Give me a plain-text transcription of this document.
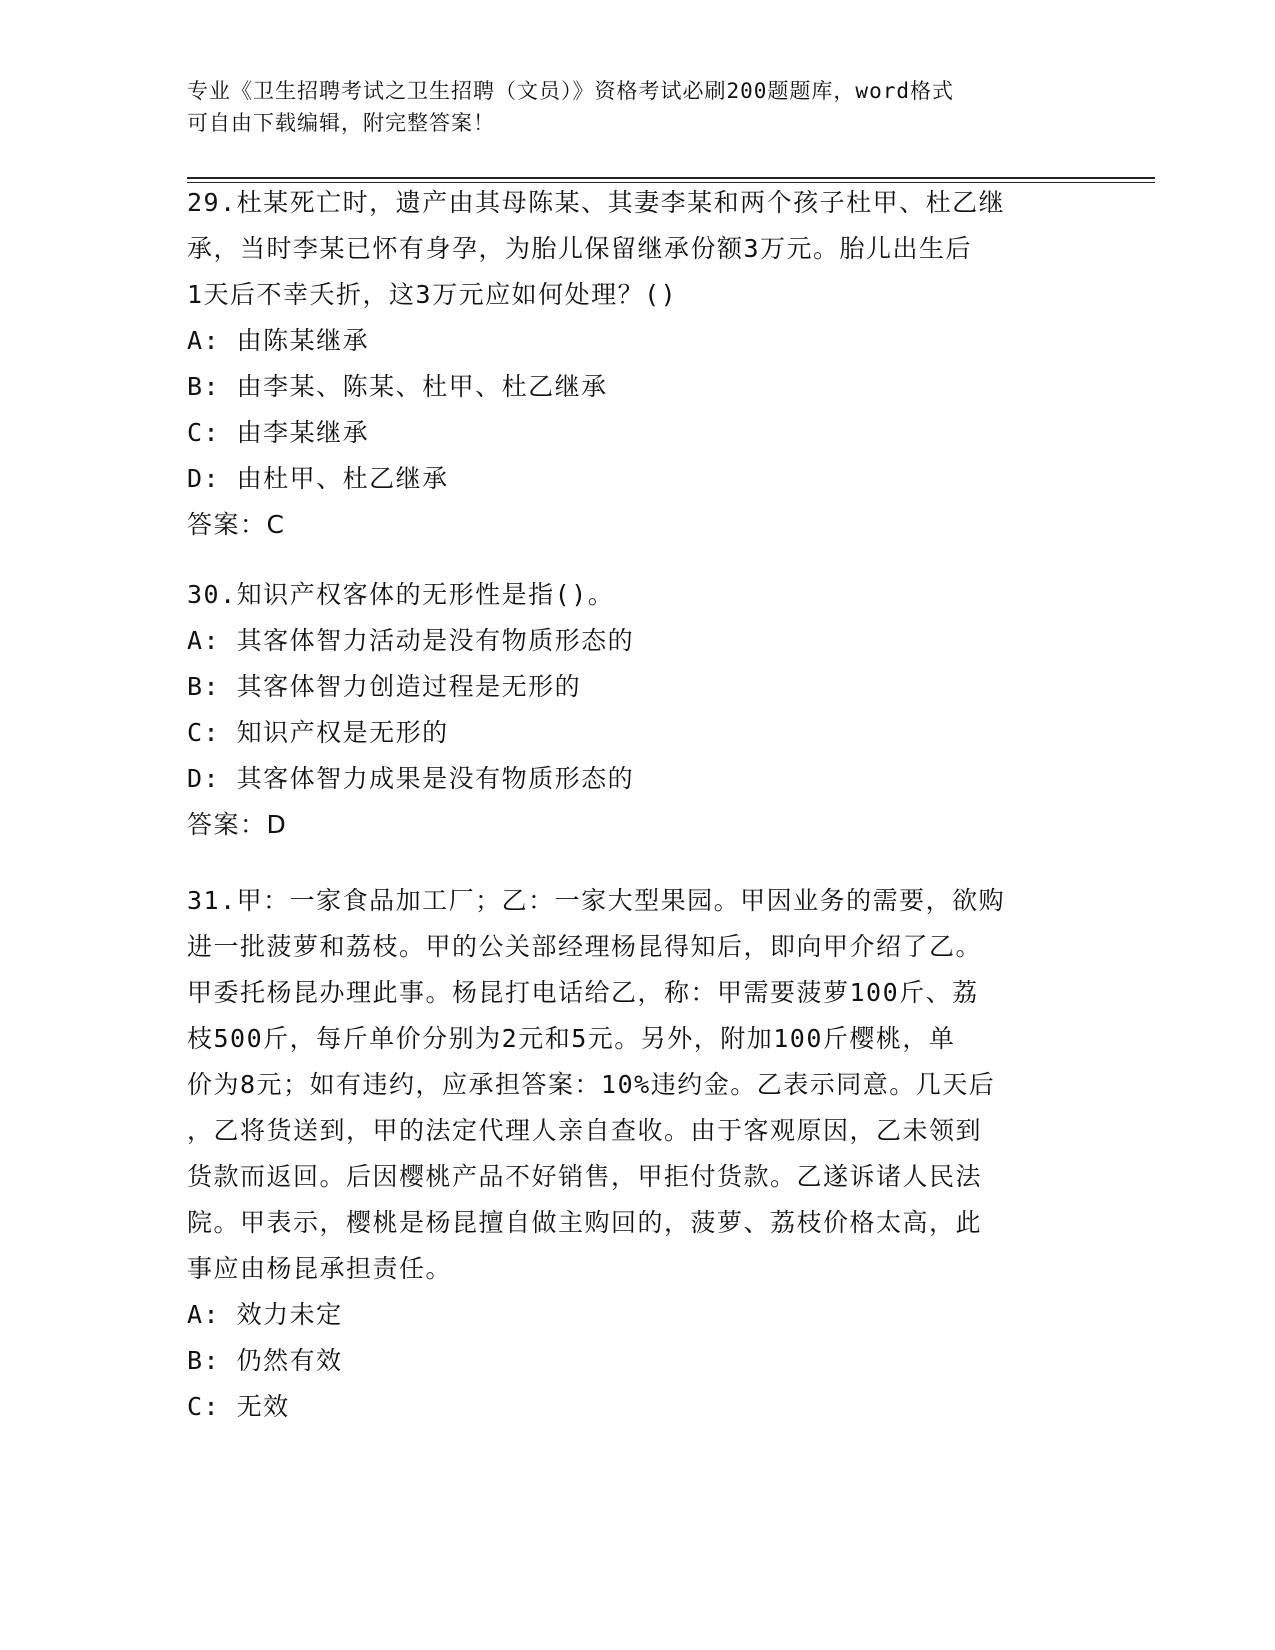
专业《卫生招聘考试之卫生招聘（文员）》资格考试必刷200题题库，word格式
可自由下载编辑，附完整答案！
29.杜某死亡时，遗产由其母陈某、其妻李某和两个孩子杜甲、杜乙继
承，当时李某已怀有身孕，为胎儿保留继承份额3万元。胎儿出生后
1天后不幸夭折，这3万元应如何处理？()
A: 由陈某继承
B: 由李某、陈某、杜甲、杜乙继承
C: 由李某继承
D: 由杜甲、杜乙继承
答案：C
30.知识产权客体的无形性是指()。
A: 其客体智力活动是没有物质形态的
B: 其客体智力创造过程是无形的
C: 知识产权是无形的
D: 其客体智力成果是没有物质形态的
答案：D
31.甲：一家食品加工厂；乙：一家大型果园。甲因业务的需要，欲购
进一批菠萝和荔枝。甲的公关部经理杨昆得知后，即向甲介绍了乙。
甲委托杨昆办理此事。杨昆打电话给乙，称：甲需要菠萝100斤、荔
枝500斤，每斤单价分别为2元和5元。另外，附加100斤樱桃，单
价为8元；如有违约，应承担答案：10%违约金。乙表示同意。几天后
，乙将货送到，甲的法定代理人亲自查收。由于客观原因，乙未领到
货款而返回。后因樱桃产品不好销售，甲拒付货款。乙遂诉诸人民法
院。甲表示，樱桃是杨昆擅自做主购回的，菠萝、荔枝价格太高，此
事应由杨昆承担责任。
A: 效力未定
B: 仍然有效
C: 无效
